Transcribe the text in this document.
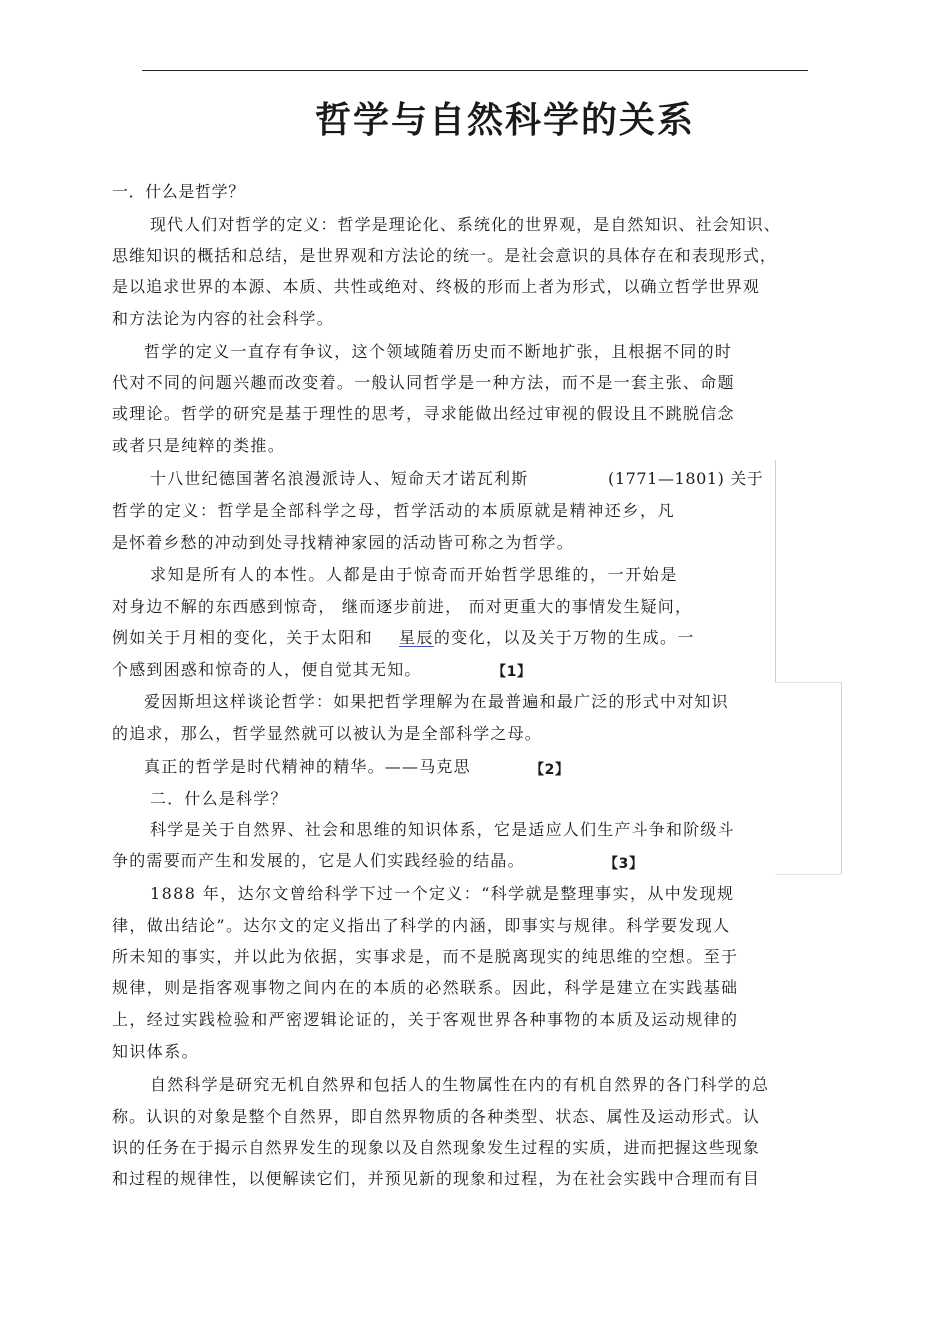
哲学与自然科学的关系
一．什么是哲学？
现代人们对哲学的定义：哲学是理论化、系统化的世界观，是自然知识、社会知识、
思维知识的概括和总结，是世界观和方法论的统一。是社会意识的具体存在和表现形式，
是以追求世界的本源、本质、共性或绝对、终极的形而上者为形式，以确立哲学世界观
和方法论为内容的社会科学。
哲学的定义一直存有争议，这个领域随着历史而不断地扩张，且根据不同的时
代对不同的问题兴趣而改变着。一般认同哲学是一种方法，而不是一套主张、命题
或理论。哲学的研究是基于理性的思考，寻求能做出经过审视的假设且不跳脱信念
或者只是纯粹的类推。
十八世纪德国著名浪漫派诗人、短命天才诺瓦利斯	(1771—1801) 关于
哲学的定义：哲学是全部科学之母，哲学活动的本质原就是精神还乡，凡
是怀着乡愁的冲动到处寻找精神家园的活动皆可称之为哲学。
求知是所有人的本性。人都是由于惊奇而开始哲学思维的，一开始是
对身边不解的东西感到惊奇， 继而逐步前进， 而对更重大的事情发生疑问，
例如关于月相的变化，关于太阳和 星辰的变化，以及关于万物的生成。一
个感到困惑和惊奇的人，便自觉其无知。	【1】
爱因斯坦这样谈论哲学：如果把哲学理解为在最普遍和最广泛的形式中对知识
的追求，那么，哲学显然就可以被认为是全部科学之母。
真正的哲学是时代精神的精华。——马克思	【2】
二．什么是科学？
科学是关于自然界、社会和思维的知识体系，它是适应人们生产斗争和阶级斗
争的需要而产生和发展的，它是人们实践经验的结晶。	【3】
1888 年，达尔文曾给科学下过一个定义：“科学就是整理事实，从中发现规
律，做出结论”。达尔文的定义指出了科学的内涵，即事实与规律。科学要发现人
所未知的事实，并以此为依据，实事求是，而不是脱离现实的纯思维的空想。至于
规律，则是指客观事物之间内在的本质的必然联系。因此，科学是建立在实践基础
上，经过实践检验和严密逻辑论证的，关于客观世界各种事物的本质及运动规律的
知识体系。
自然科学是研究无机自然界和包括人的生物属性在内的有机自然界的各门科学的总
称。认识的对象是整个自然界，即自然界物质的各种类型、状态、属性及运动形式。认
识的任务在于揭示自然界发生的现象以及自然现象发生过程的实质，进而把握这些现象
和过程的规律性，以便解读它们，并预见新的现象和过程，为在社会实践中合理而有目
